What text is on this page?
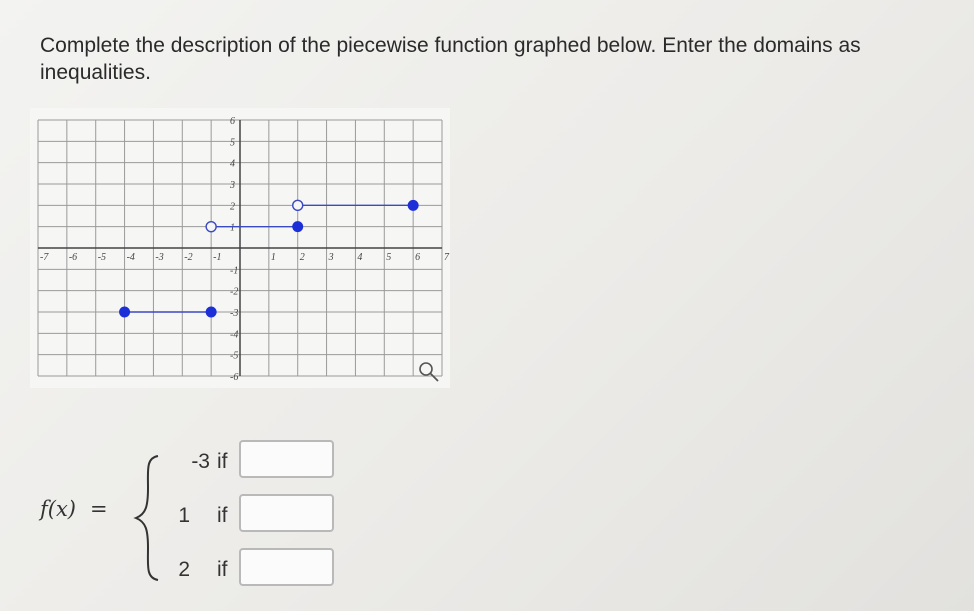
Complete the description of the piecewise function graphed below. Enter the domains as inequalities.
-7 -6 -5 -4 -3 -2 -1	1 2 3 4 5 6 7
6
5
4
3
2
1
-1
-2
-3
-4
-5
-6
f(x) =
-3 if
1 if
2 if
